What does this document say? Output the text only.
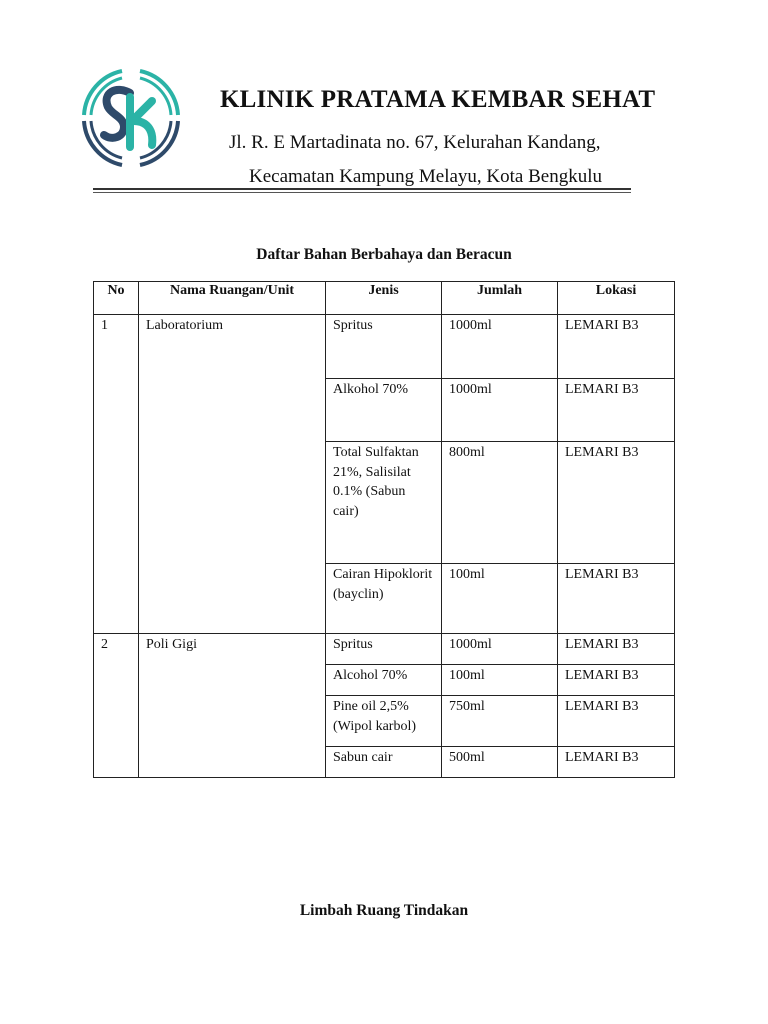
KLINIK PRATAMA KEMBAR SEHAT
Jl. R. E Martadinata no. 67, Kelurahan Kandang,
Kecamatan Kampung Melayu, Kota Bengkulu
Daftar Bahan Berbahaya dan Beracun
No	Nama Ruangan/Unit	Jenis	Jumlah	Lokasi
1	Laboratorium	Spritus	1000ml	LEMARI B3
		Alkohol 70%	1000ml	LEMARI B3
		Total Sulfaktan 21%, Salisilat 0.1% (Sabun cair)	800ml	LEMARI B3
		Cairan Hipoklorit (bayclin)	100ml	LEMARI B3
2	Poli Gigi	Spritus	1000ml	LEMARI B3
		Alcohol 70%	100ml	LEMARI B3
		Pine oil 2,5% (Wipol karbol)	750ml	LEMARI B3
		Sabun cair	500ml	LEMARI B3
Limbah Ruang Tindakan
